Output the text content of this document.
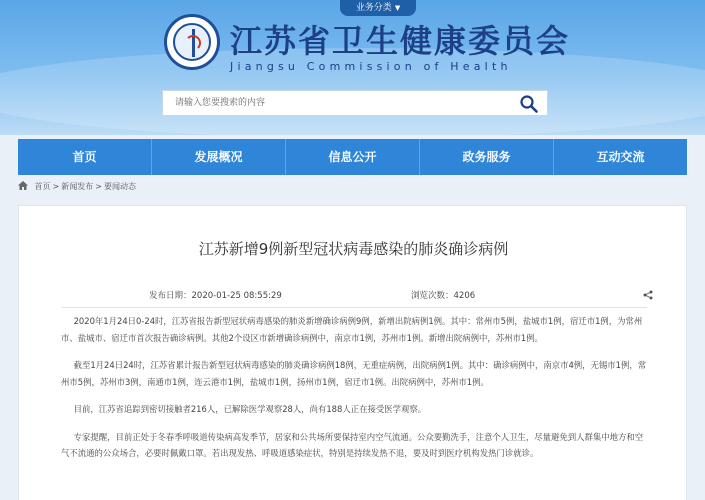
业务分类 ▼
江苏省卫生健康委员会
Jiangsu Commission of Health
请输入您要搜索的内容
首页	发展概况	信息公开	政务服务	互动交流
首页 > 新闻发布 > 要闻动态
江苏新增9例新型冠状病毒感染的肺炎确诊病例
发布日期：2020-01-25 08:55:29	浏览次数：4206

2020年1月24日0-24时，江苏省报告新型冠状病毒感染的肺炎新增确诊病例9例，新增出院病例1例。其中：常州市5例，盐城市1例，宿迁市1例，为常州市、盐城市、宿迁市首次报告确诊病例。其他2个设区市新增确诊病例中，南京市1例，苏州市1例。新增出院病例中，苏州市1例。

截至1月24日24时，江苏省累计报告新型冠状病毒感染的肺炎确诊病例18例，无重症病例，出院病例1例。其中：确诊病例中，南京市4例，无锡市1例，常州市5例，苏州市3例，南通市1例，连云港市1例，盐城市1例，扬州市1例，宿迁市1例。出院病例中，苏州市1例。

目前，江苏省追踪到密切接触者216人，已解除医学观察28人，尚有188人正在接受医学观察。

专家提醒，目前正处于冬春季呼吸道传染病高发季节，居家和公共场所要保持室内空气流通。公众要勤洗手，注意个人卫生，尽量避免到人群集中地方和空气不流通的公众场合，必要时佩戴口罩。若出现发热、呼吸道感染症状，特别是持续发热不退，要及时到医疗机构发热门诊就诊。
